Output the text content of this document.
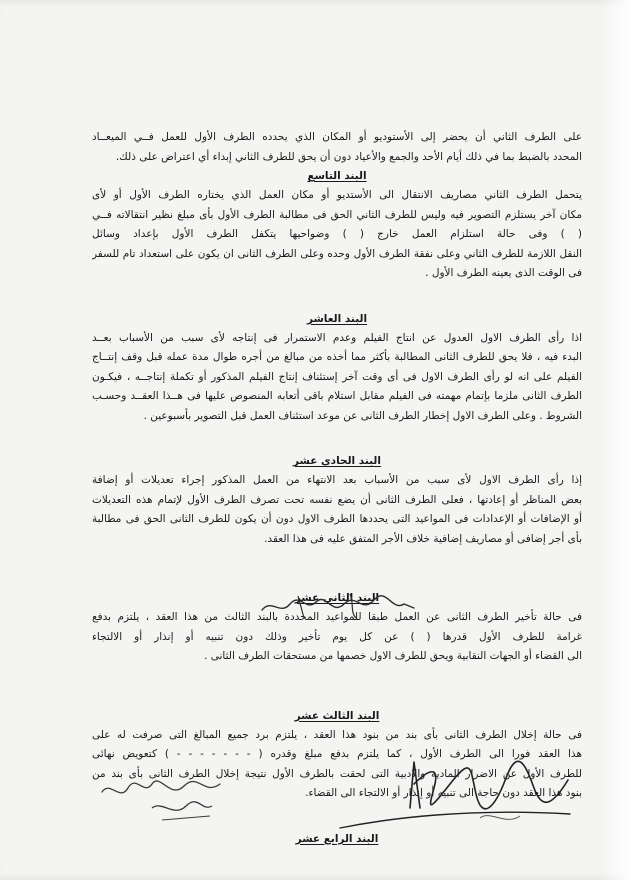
على الطرف الثاني أن يحضر إلى الأستوديو أو المكان الذي يحدده الطرف الأول للعمل فــي الميعــاد
المحدد بالضبط بما في ذلك أيام الأحد والجمع والأعياد دون أن يحق للطرف الثاني إبداء أي اعتراض على ذلك.
البند التاسع
يتحمل الطرف الثاني مصاريف الانتقال الى الأستديو أو مكان العمل الذي يختاره الطرف الأول أو لأى
مكان آخر يستلزم التصوير فيه وليس للطرف الثاني الحق فى مطالبة الطرف الأول بأى مبلغ نظير انتقالاته فــي
( ) وفى حالة استلزام العمل خارج ( ) وضواحيها يتكفل الطرف الأول بإعداد وسائل
النقل اللازمة للطرف الثاني وعلى نفقة الطرف الأول وحده وعلى الطرف الثانى ان يكون على استعداد تام للسفر
فى الوقت الذى يعينه الطرف الأول .
البند العاشر
اذا رأى الطرف الاول العدول عن انتاج الفيلم وعدم الاستمرار فى إنتاجه لأى سبب من الأسباب بعــد
البدء فيه ، فلا يحق للطرف الثانى المطالبة بأكثر مما أخذه من مبالغ من أجره طوال مدة عمله قبل وقف إنتــاج
الفيلم على انه لو رأى الطرف الاول فى أى وقت آخر إستئناف إنتاج الفيلم المذكور أو تكملة إنتاجــه ، فيكـون
الطرف الثانى ملزما بإتمام مهمته فى الفيلم مقابل استلام باقى أتعابه المنصوص عليها فى هــذا العقــد وحسـب
الشروط . وعلى الطرف الاول إخطار الطرف الثانى عن موعد استئناف العمل قبل التصوير بأسبوعين .
البند الحادى عشر
إذا رأى الطرف الاول لأى سبب من الأسباب بعد الانتهاء من العمل المذكور إجراء تعديلات أو إضافة
بعض المناظر أو إعادتها ، فعلى الطرف الثانى أن يضع نفسه تحت تصرف الطرف الأول لإتمام هذه التعديلات
أو الإضافات أو الإعدادات فى المواعيد التى يحددها الطرف الاول دون أن يكون للطرف الثانى الحق فى مطالبة
بأى أجر إضافى أو مصاريف إضافية خلاف الأجر المتفق عليه فى هذا العقد.
البند الثانى عشر
فى حالة تأخير الطرف الثانى عن العمل طبقا للمواعيد المحددة بالبند الثالث من هذا العقد ، يلتزم بدفع
غرامة للطرف الأول قدرها ( ) عن كل يوم تأخير وذلك دون تنبيه أو إنذار أو الالتجاء
الى القضاء أو الجهات النقابية ويحق للطرف الاول خصمها من مستحقات الطرف الثانى .
البند الثالث عشر
فى حالة إخلال الطرف الثانى بأى بند من بنود هذا العقد ، يلتزم برد جميع المبالغ التى صرفت له على
هذا العقد فورا الى الطرف الأول ، كما يلتزم بدفع مبلغ وقدره ( - - - - - - - ) كتعويض نهائى
للطرف الأول عن الاضرار المادية والادبية التى لحقت بالطرف الأول نتيجة إخلال الطرف الثانى بأى بند من
بنود هذا العقد دون حاجة الى تنبيه أو إنذار أو الالتجاء الى القضاء.
البند الرابع عشر
